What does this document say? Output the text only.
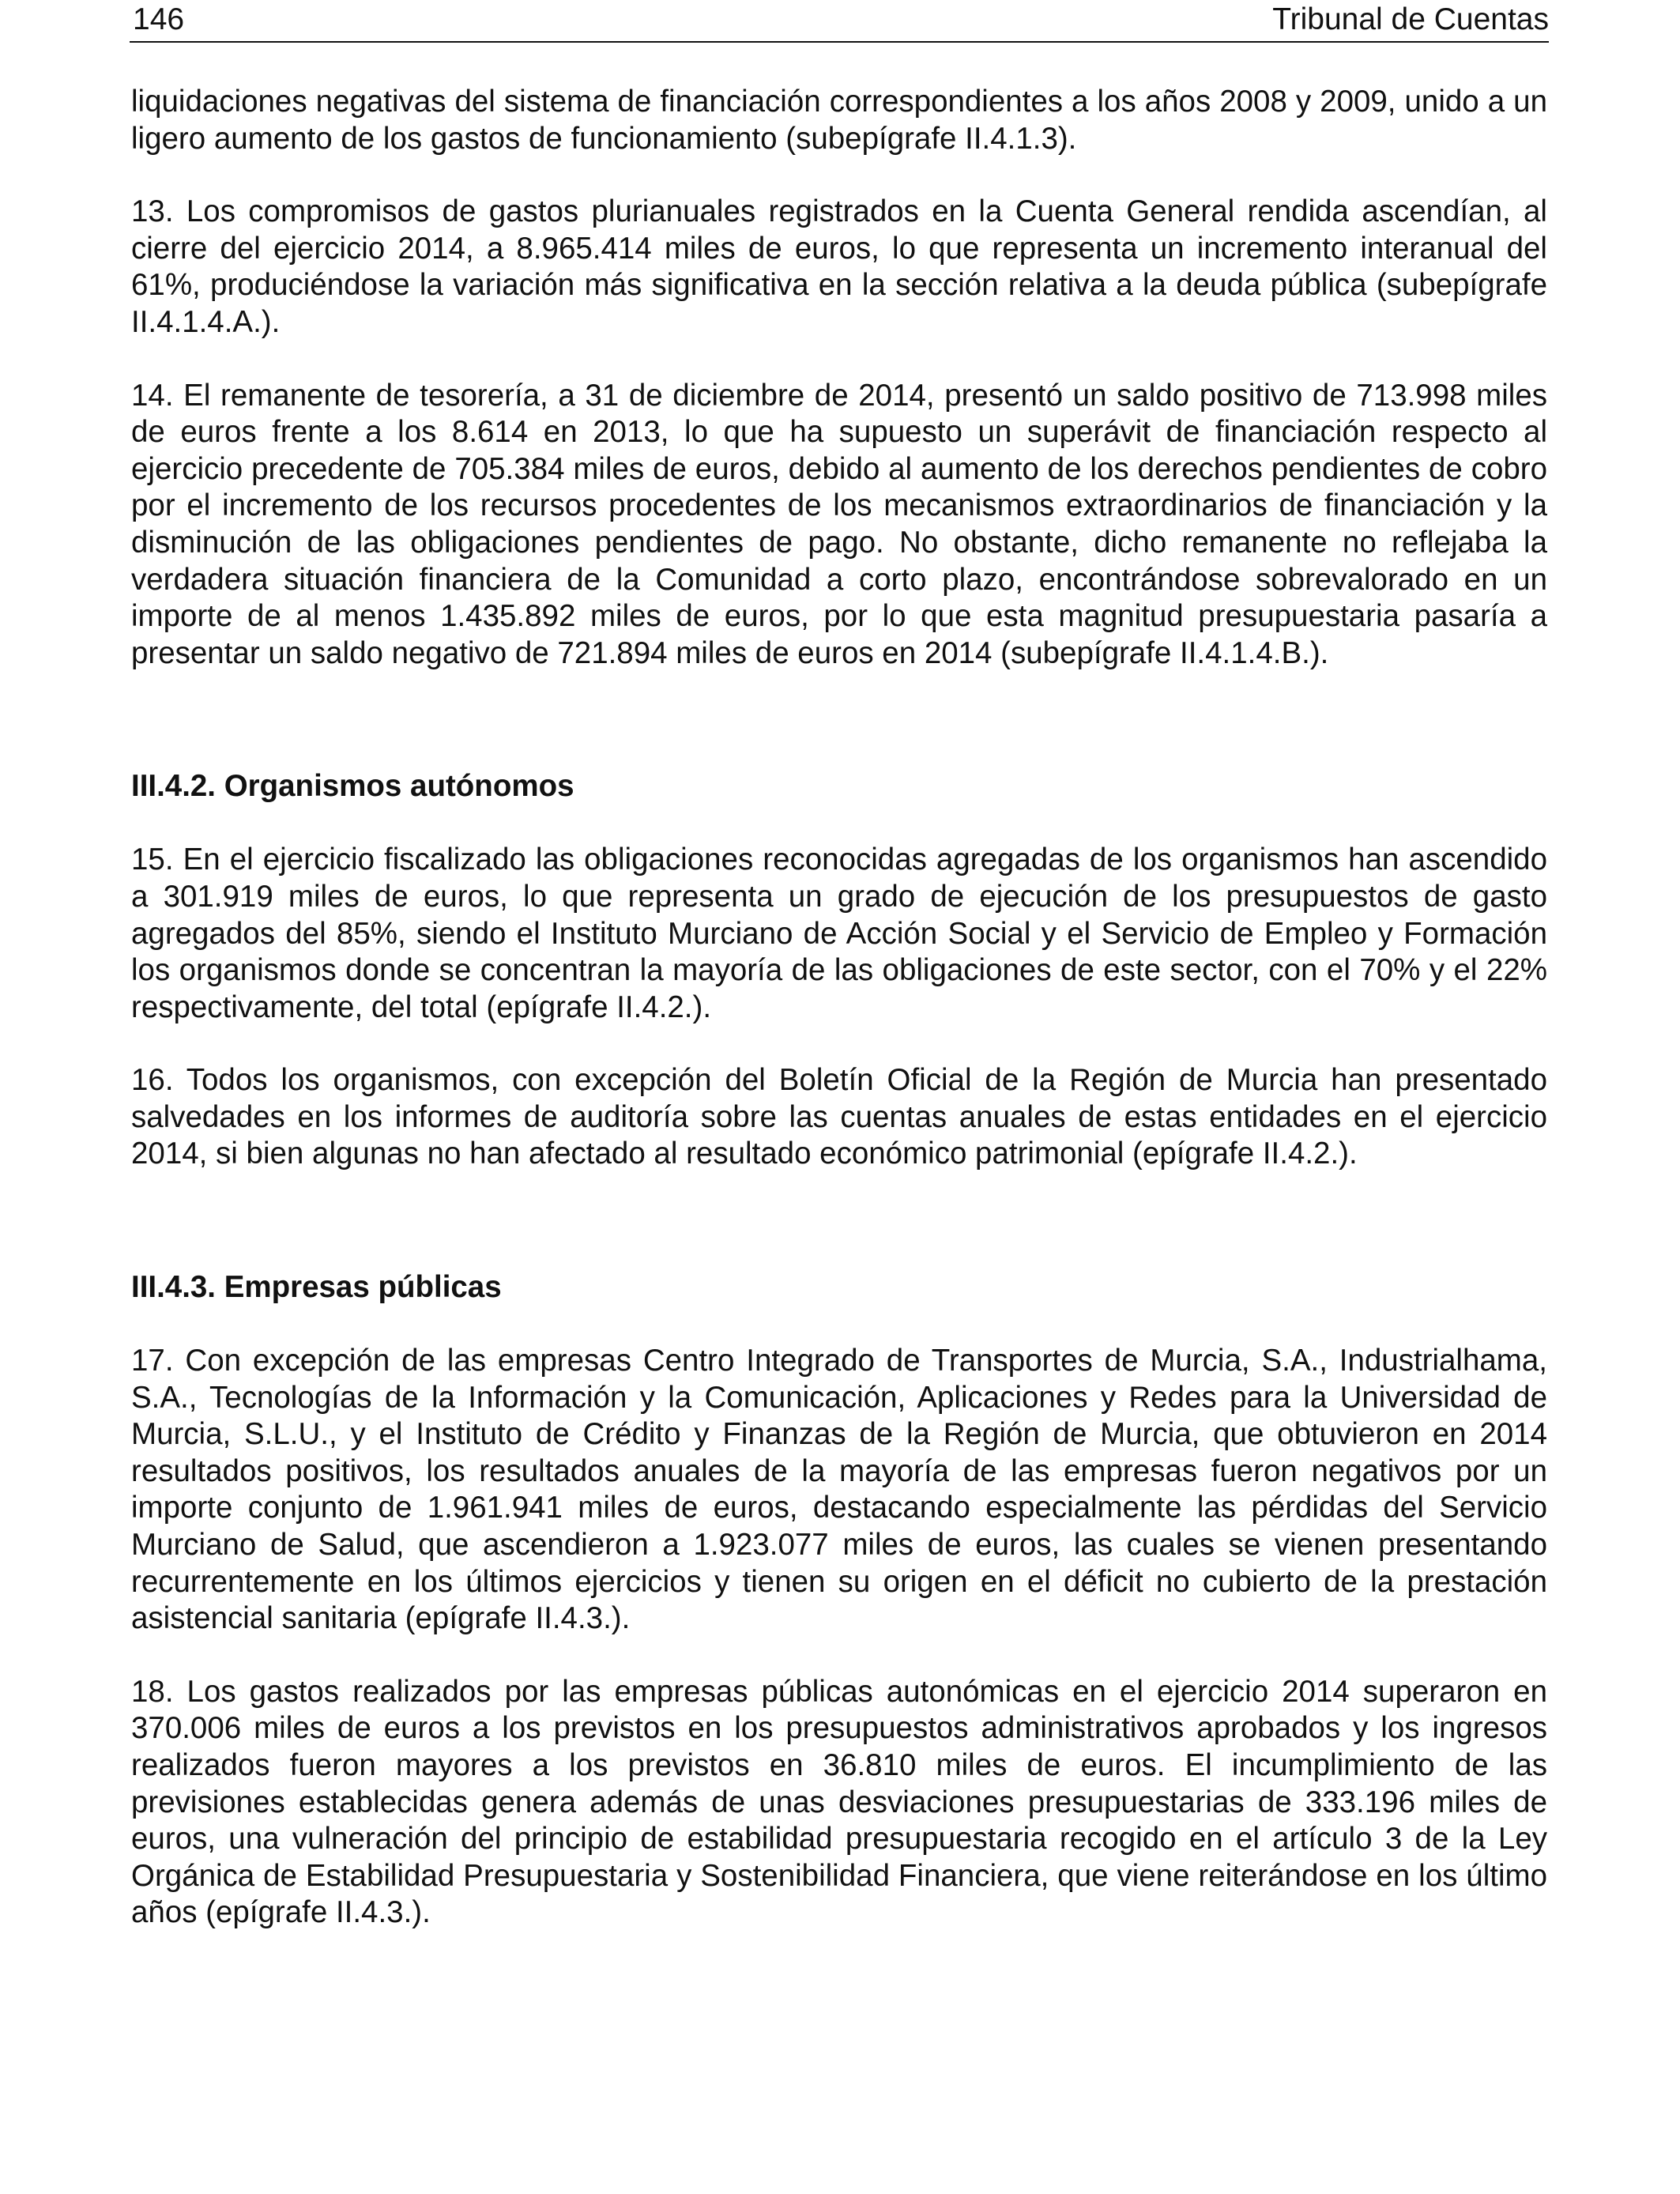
146	Tribunal de Cuentas

liquidaciones negativas del sistema de financiación correspondientes a los años 2008 y 2009, unido a un ligero aumento de los gastos de funcionamiento (subepígrafe II.4.1.3).

13. Los compromisos de gastos plurianuales registrados en la Cuenta General rendida ascendían, al cierre del ejercicio 2014, a 8.965.414 miles de euros, lo que representa un incremento interanual del 61%, produciéndose la variación más significativa en la sección relativa a la deuda pública (subepígrafe II.4.1.4.A.).

14. El remanente de tesorería, a 31 de diciembre de 2014, presentó un saldo positivo de 713.998 miles de euros frente a los 8.614 en 2013, lo que ha supuesto un superávit de financiación respecto al ejercicio precedente de 705.384 miles de euros, debido al aumento de los derechos pendientes de cobro por el incremento de los recursos procedentes de los mecanismos extraordinarios de financiación y la disminución de las obligaciones pendientes de pago. No obstante, dicho remanente no reflejaba la verdadera situación financiera de la Comunidad a corto plazo, encontrándose sobrevalorado en un importe de al menos 1.435.892 miles de euros, por lo que esta magnitud presupuestaria pasaría a presentar un saldo negativo de 721.894 miles de euros en 2014 (subepígrafe II.4.1.4.B.).

III.4.2. Organismos autónomos

15. En el ejercicio fiscalizado las obligaciones reconocidas agregadas de los organismos han ascendido a 301.919 miles de euros, lo que representa un grado de ejecución de los presupuestos de gasto agregados del 85%, siendo el Instituto Murciano de Acción Social y el Servicio de Empleo y Formación los organismos donde se concentran la mayoría de las obligaciones de este sector, con el 70% y el 22% respectivamente, del total (epígrafe II.4.2.).

16. Todos los organismos, con excepción del Boletín Oficial de la Región de Murcia han presentado salvedades en los informes de auditoría sobre las cuentas anuales de estas entidades en el ejercicio 2014, si bien algunas no han afectado al resultado económico patrimonial (epígrafe II.4.2.).

III.4.3. Empresas públicas

17. Con excepción de las empresas Centro Integrado de Transportes de Murcia, S.A., Industrialhama, S.A., Tecnologías de la Información y la Comunicación, Aplicaciones y Redes para la Universidad de Murcia, S.L.U., y el Instituto de Crédito y Finanzas de la Región de Murcia, que obtuvieron en 2014 resultados positivos, los resultados anuales de la mayoría de las empresas fueron negativos por un importe conjunto de 1.961.941 miles de euros, destacando especialmente las pérdidas del Servicio Murciano de Salud, que ascendieron a 1.923.077 miles de euros, las cuales se vienen presentando recurrentemente en los últimos ejercicios y tienen su origen en el déficit no cubierto de la prestación asistencial sanitaria (epígrafe II.4.3.).

18. Los gastos realizados por las empresas públicas autonómicas en el ejercicio 2014 superaron en 370.006 miles de euros a los previstos en los presupuestos administrativos aprobados y los ingresos realizados fueron mayores a los previstos en 36.810 miles de euros. El incumplimiento de las previsiones establecidas genera además de unas desviaciones presupuestarias de 333.196 miles de euros, una vulneración del principio de estabilidad presupuestaria recogido en el artículo 3 de la Ley Orgánica de Estabilidad Presupuestaria y Sostenibilidad Financiera, que viene reiterándose en los último años (epígrafe II.4.3.).
